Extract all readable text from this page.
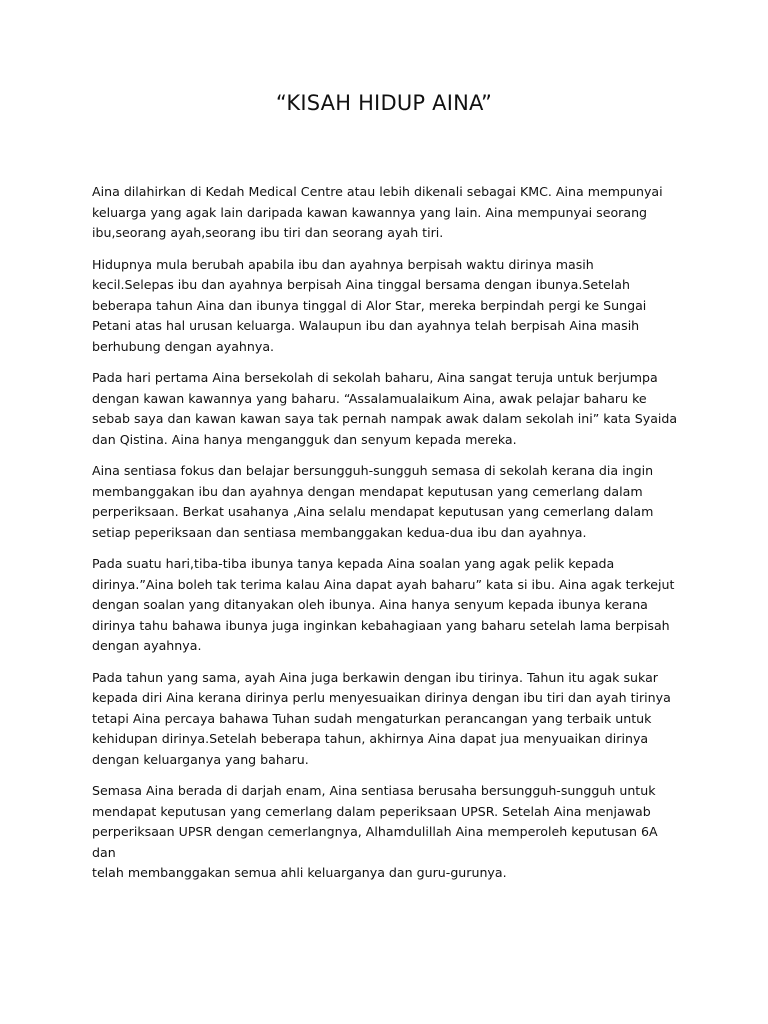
“KISAH HIDUP AINA”

Aina dilahirkan di Kedah Medical Centre atau lebih dikenali sebagai KMC. Aina mempunyai
keluarga yang agak lain daripada kawan kawannya yang lain. Aina mempunyai seorang
ibu,seorang ayah,seorang ibu tiri dan seorang ayah tiri.

Hidupnya mula berubah apabila ibu dan ayahnya berpisah waktu dirinya masih
kecil.Selepas ibu dan ayahnya berpisah Aina tinggal bersama dengan ibunya.Setelah
beberapa tahun Aina dan ibunya tinggal di Alor Star, mereka berpindah pergi ke Sungai
Petani atas hal urusan keluarga. Walaupun ibu dan ayahnya telah berpisah Aina masih
berhubung dengan ayahnya.

Pada hari pertama Aina bersekolah di sekolah baharu, Aina sangat teruja untuk berjumpa
dengan kawan kawannya yang baharu. “Assalamualaikum Aina, awak pelajar baharu ke
sebab saya dan kawan kawan saya tak pernah nampak awak dalam sekolah ini” kata Syaida
dan Qistina. Aina hanya mengangguk dan senyum kepada mereka.

Aina sentiasa fokus dan belajar bersungguh-sungguh semasa di sekolah kerana dia ingin
membanggakan ibu dan ayahnya dengan mendapat keputusan yang cemerlang dalam
perperiksaan. Berkat usahanya ,Aina selalu mendapat keputusan yang cemerlang dalam
setiap peperiksaan dan sentiasa membanggakan kedua-dua ibu dan ayahnya.

Pada suatu hari,tiba-tiba ibunya tanya kepada Aina soalan yang agak pelik kepada
dirinya.”Aina boleh tak terima kalau Aina dapat ayah baharu” kata si ibu. Aina agak terkejut
dengan soalan yang ditanyakan oleh ibunya. Aina hanya senyum kepada ibunya kerana
dirinya tahu bahawa ibunya juga inginkan kebahagiaan yang baharu setelah lama berpisah
dengan ayahnya.

Pada tahun yang sama, ayah Aina juga berkawin dengan ibu tirinya. Tahun itu agak sukar
kepada diri Aina kerana dirinya perlu menyesuaikan dirinya dengan ibu tiri dan ayah tirinya
tetapi Aina percaya bahawa Tuhan sudah mengaturkan perancangan yang terbaik untuk
kehidupan dirinya.Setelah beberapa tahun, akhirnya Aina dapat jua menyuaikan dirinya
dengan keluarganya yang baharu.

Semasa Aina berada di darjah enam, Aina sentiasa berusaha bersungguh-sungguh untuk
mendapat keputusan yang cemerlang dalam peperiksaan UPSR. Setelah Aina menjawab
perperiksaan UPSR dengan cemerlangnya, Alhamdulillah Aina memperoleh keputusan 6A dan
telah membanggakan semua ahli keluarganya dan guru-gurunya.
